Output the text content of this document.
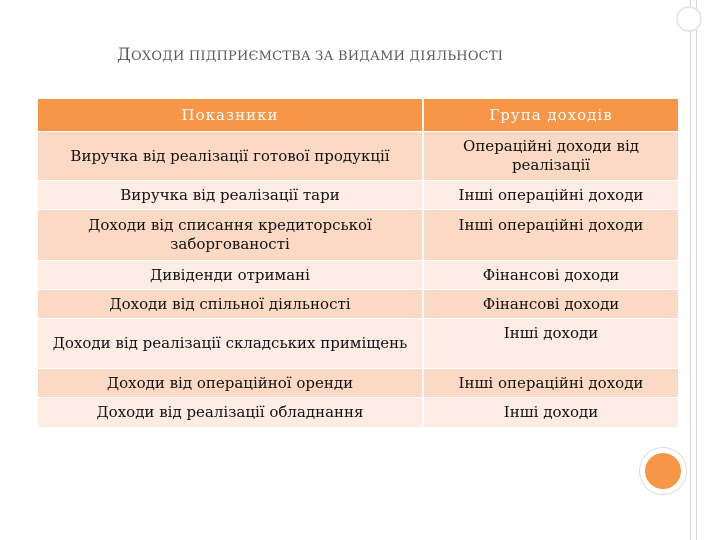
ДОХОДИ ПІДПРИЄМСТВА ЗА ВИДАМИ ДІЯЛЬНОСТІ
Показники	Група доходів
Виручка від реалізації готової продукції	Операційні доходи від реалізації
Виручка від реалізації тари	Інші операційні доходи
Доходи від списання кредиторської заборгованості	Інші операційні доходи
Дивіденди отримані	Фінансові доходи
Доходи від спільної діяльності	Фінансові доходи
Доходи від реалізації складських приміщень	Інші доходи
Доходи від операційної оренди	Інші операційні доходи
Доходи від реалізації обладнання	Інші доходи
